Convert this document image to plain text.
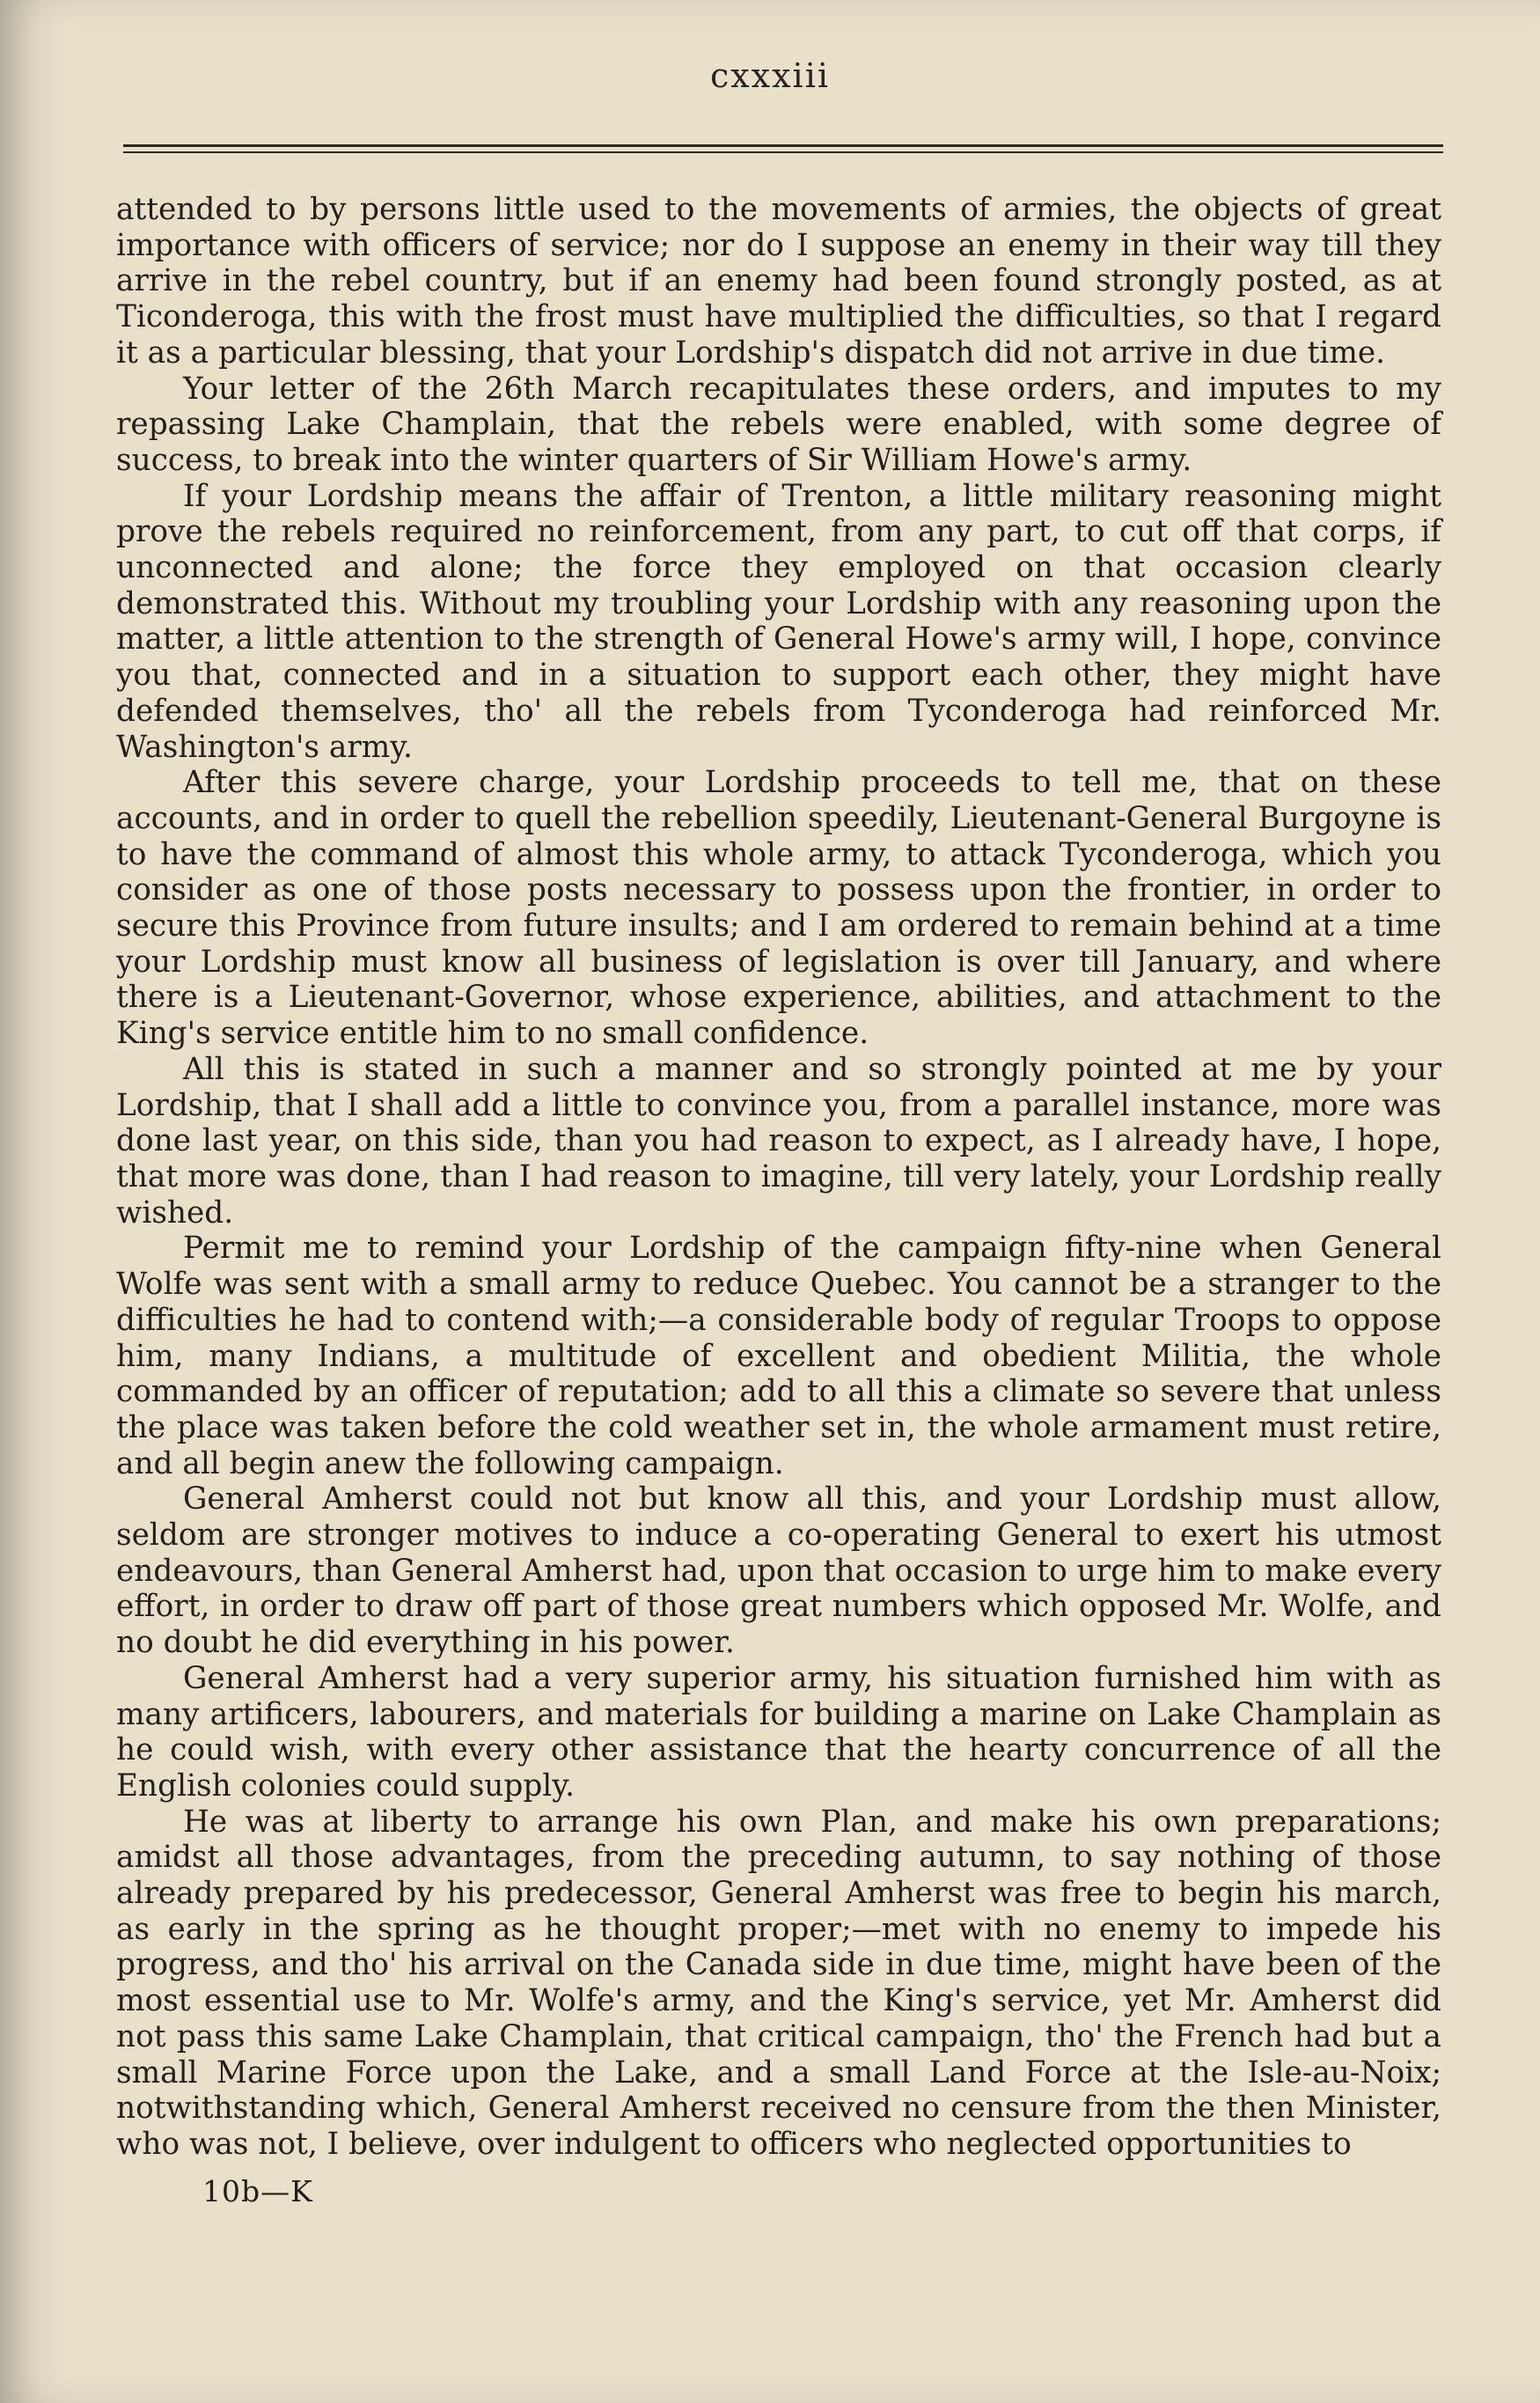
cxxxiii

attended to by persons little used to the movements of armies, the objects of great importance with officers of service; nor do I suppose an enemy in their way till they arrive in the rebel country, but if an enemy had been found strongly posted, as at Ticonderoga, this with the frost must have multiplied the difficulties, so that I regard it as a particular blessing, that your Lordship's dispatch did not arrive in due time.

Your letter of the 26th March recapitulates these orders, and imputes to my repassing Lake Champlain, that the rebels were enabled, with some degree of success, to break into the winter quarters of Sir William Howe's army.

If your Lordship means the affair of Trenton, a little military reasoning might prove the rebels required no reinforcement, from any part, to cut off that corps, if unconnected and alone; the force they employed on that occasion clearly demonstrated this. Without my troubling your Lordship with any reasoning upon the matter, a little attention to the strength of General Howe's army will, I hope, convince you that, connected and in a situation to support each other, they might have defended themselves, tho' all the rebels from Tyconderoga had reinforced Mr. Washington's army.

After this severe charge, your Lordship proceeds to tell me, that on these accounts, and in order to quell the rebellion speedily, Lieutenant-General Burgoyne is to have the command of almost this whole army, to attack Tyconderoga, which you consider as one of those posts necessary to possess upon the frontier, in order to secure this Province from future insults; and I am ordered to remain behind at a time your Lordship must know all business of legislation is over till January, and where there is a Lieutenant-Governor, whose experience, abilities, and attachment to the King's service entitle him to no small confidence.

All this is stated in such a manner and so strongly pointed at me by your Lordship, that I shall add a little to convince you, from a parallel instance, more was done last year, on this side, than you had reason to expect, as I already have, I hope, that more was done, than I had reason to imagine, till very lately, your Lordship really wished.

Permit me to remind your Lordship of the campaign fifty-nine when General Wolfe was sent with a small army to reduce Quebec. You cannot be a stranger to the difficulties he had to contend with;—a considerable body of regular Troops to oppose him, many Indians, a multitude of excellent and obedient Militia, the whole commanded by an officer of reputation; add to all this a climate so severe that unless the place was taken before the cold weather set in, the whole armament must retire, and all begin anew the following campaign.

General Amherst could not but know all this, and your Lordship must allow, seldom are stronger motives to induce a co-operating General to exert his utmost endeavours, than General Amherst had, upon that occasion to urge him to make every effort, in order to draw off part of those great numbers which opposed Mr. Wolfe, and no doubt he did everything in his power.

General Amherst had a very superior army, his situation furnished him with as many artificers, labourers, and materials for building a marine on Lake Champlain as he could wish, with every other assistance that the hearty concurrence of all the English colonies could supply.

He was at liberty to arrange his own Plan, and make his own preparations; amidst all those advantages, from the preceding autumn, to say nothing of those already prepared by his predecessor, General Amherst was free to begin his march, as early in the spring as he thought proper;—met with no enemy to impede his progress, and tho' his arrival on the Canada side in due time, might have been of the most essential use to Mr. Wolfe's army, and the King's service, yet Mr. Amherst did not pass this same Lake Champlain, that critical campaign, tho' the French had but a small Marine Force upon the Lake, and a small Land Force at the Isle-au-Noix; notwithstanding which, General Amherst received no censure from the then Minister, who was not, I believe, over indulgent to officers who neglected opportunities to

10b—K
